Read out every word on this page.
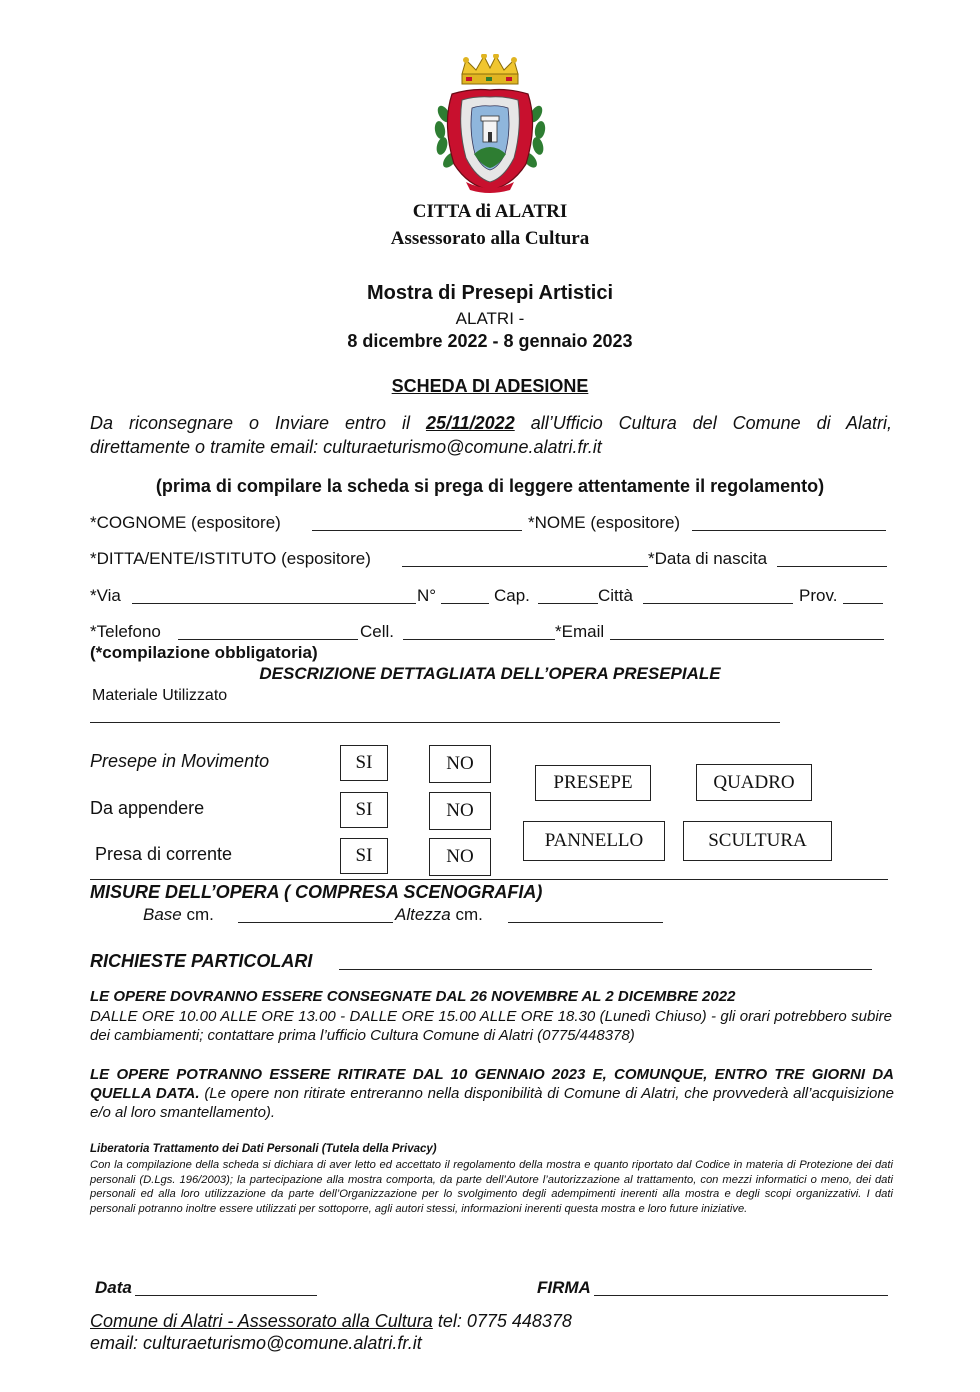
CITTA di ALATRI
Assessorato alla Cultura
Mostra di Presepi Artistici
ALATRI -
8 dicembre 2022 - 8 gennaio 2023
SCHEDA DI ADESIONE
Da riconsegnare o Inviare entro il 25/11/2022 all’Ufficio Cultura del Comune di Alatri,
direttamente o tramite email: culturaeturismo@comune.alatri.fr.it
(prima di compilare la scheda si prega di leggere attentamente il regolamento)
*COGNOME (espositore)	*NOME (espositore)
*DITTA/ENTE/ISTITUTO (espositore)	*Data di nascita
*Via	N°	Cap.	Città	Prov.
*Telefono	Cell.	*Email
(*compilazione obbligatoria)
DESCRIZIONE DETTAGLIATA DELL’OPERA PRESEPIALE
Materiale Utilizzato
Presepe in Movimento	SI	NO
Da appendere	SI	NO
Presa di corrente	SI	NO
PRESEPE	QUADRO
PANNELLO	SCULTURA
MISURE DELL’OPERA ( COMPRESA SCENOGRAFIA)
Base cm.	Altezza cm.
RICHIESTE PARTICOLARI
LE OPERE DOVRANNO ESSERE CONSEGNATE DAL 26 NOVEMBRE AL 2 DICEMBRE 2022
DALLE ORE 10.00 ALLE ORE 13.00 - DALLE ORE 15.00 ALLE ORE 18.30 (Lunedì Chiuso) - gli orari potrebbero subire dei cambiamenti; contattare prima l’ufficio Cultura Comune di Alatri (0775/448378)
LE OPERE POTRANNO ESSERE RITIRATE DAL 10 GENNAIO 2023 E, COMUNQUE, ENTRO TRE GIORNI DA QUELLA DATA. (Le opere non ritirate entreranno nella disponibilità di Comune di Alatri, che provvederà all’acquisizione e/o al loro smantellamento).
Liberatoria Trattamento dei Dati Personali (Tutela della Privacy)
Con la compilazione della scheda si dichiara di aver letto ed accettato il regolamento della mostra e quanto riportato dal Codice in materia di Protezione dei dati personali (D.Lgs. 196/2003); la partecipazione alla mostra comporta, da parte dell’Autore l’autorizzazione al trattamento, con mezzi informatici o meno, dei dati personali ed alla loro utilizzazione da parte dell’Organizzazione per lo svolgimento degli adempimenti inerenti alla mostra e degli scopi organizzativi. I dati personali potranno inoltre essere utilizzati per sottoporre, agli autori stessi, informazioni inerenti questa mostra e loro future iniziative.
Data	FIRMA
Comune di Alatri - Assessorato alla Cultura tel: 0775 448378
email: culturaeturismo@comune.alatri.fr.it
